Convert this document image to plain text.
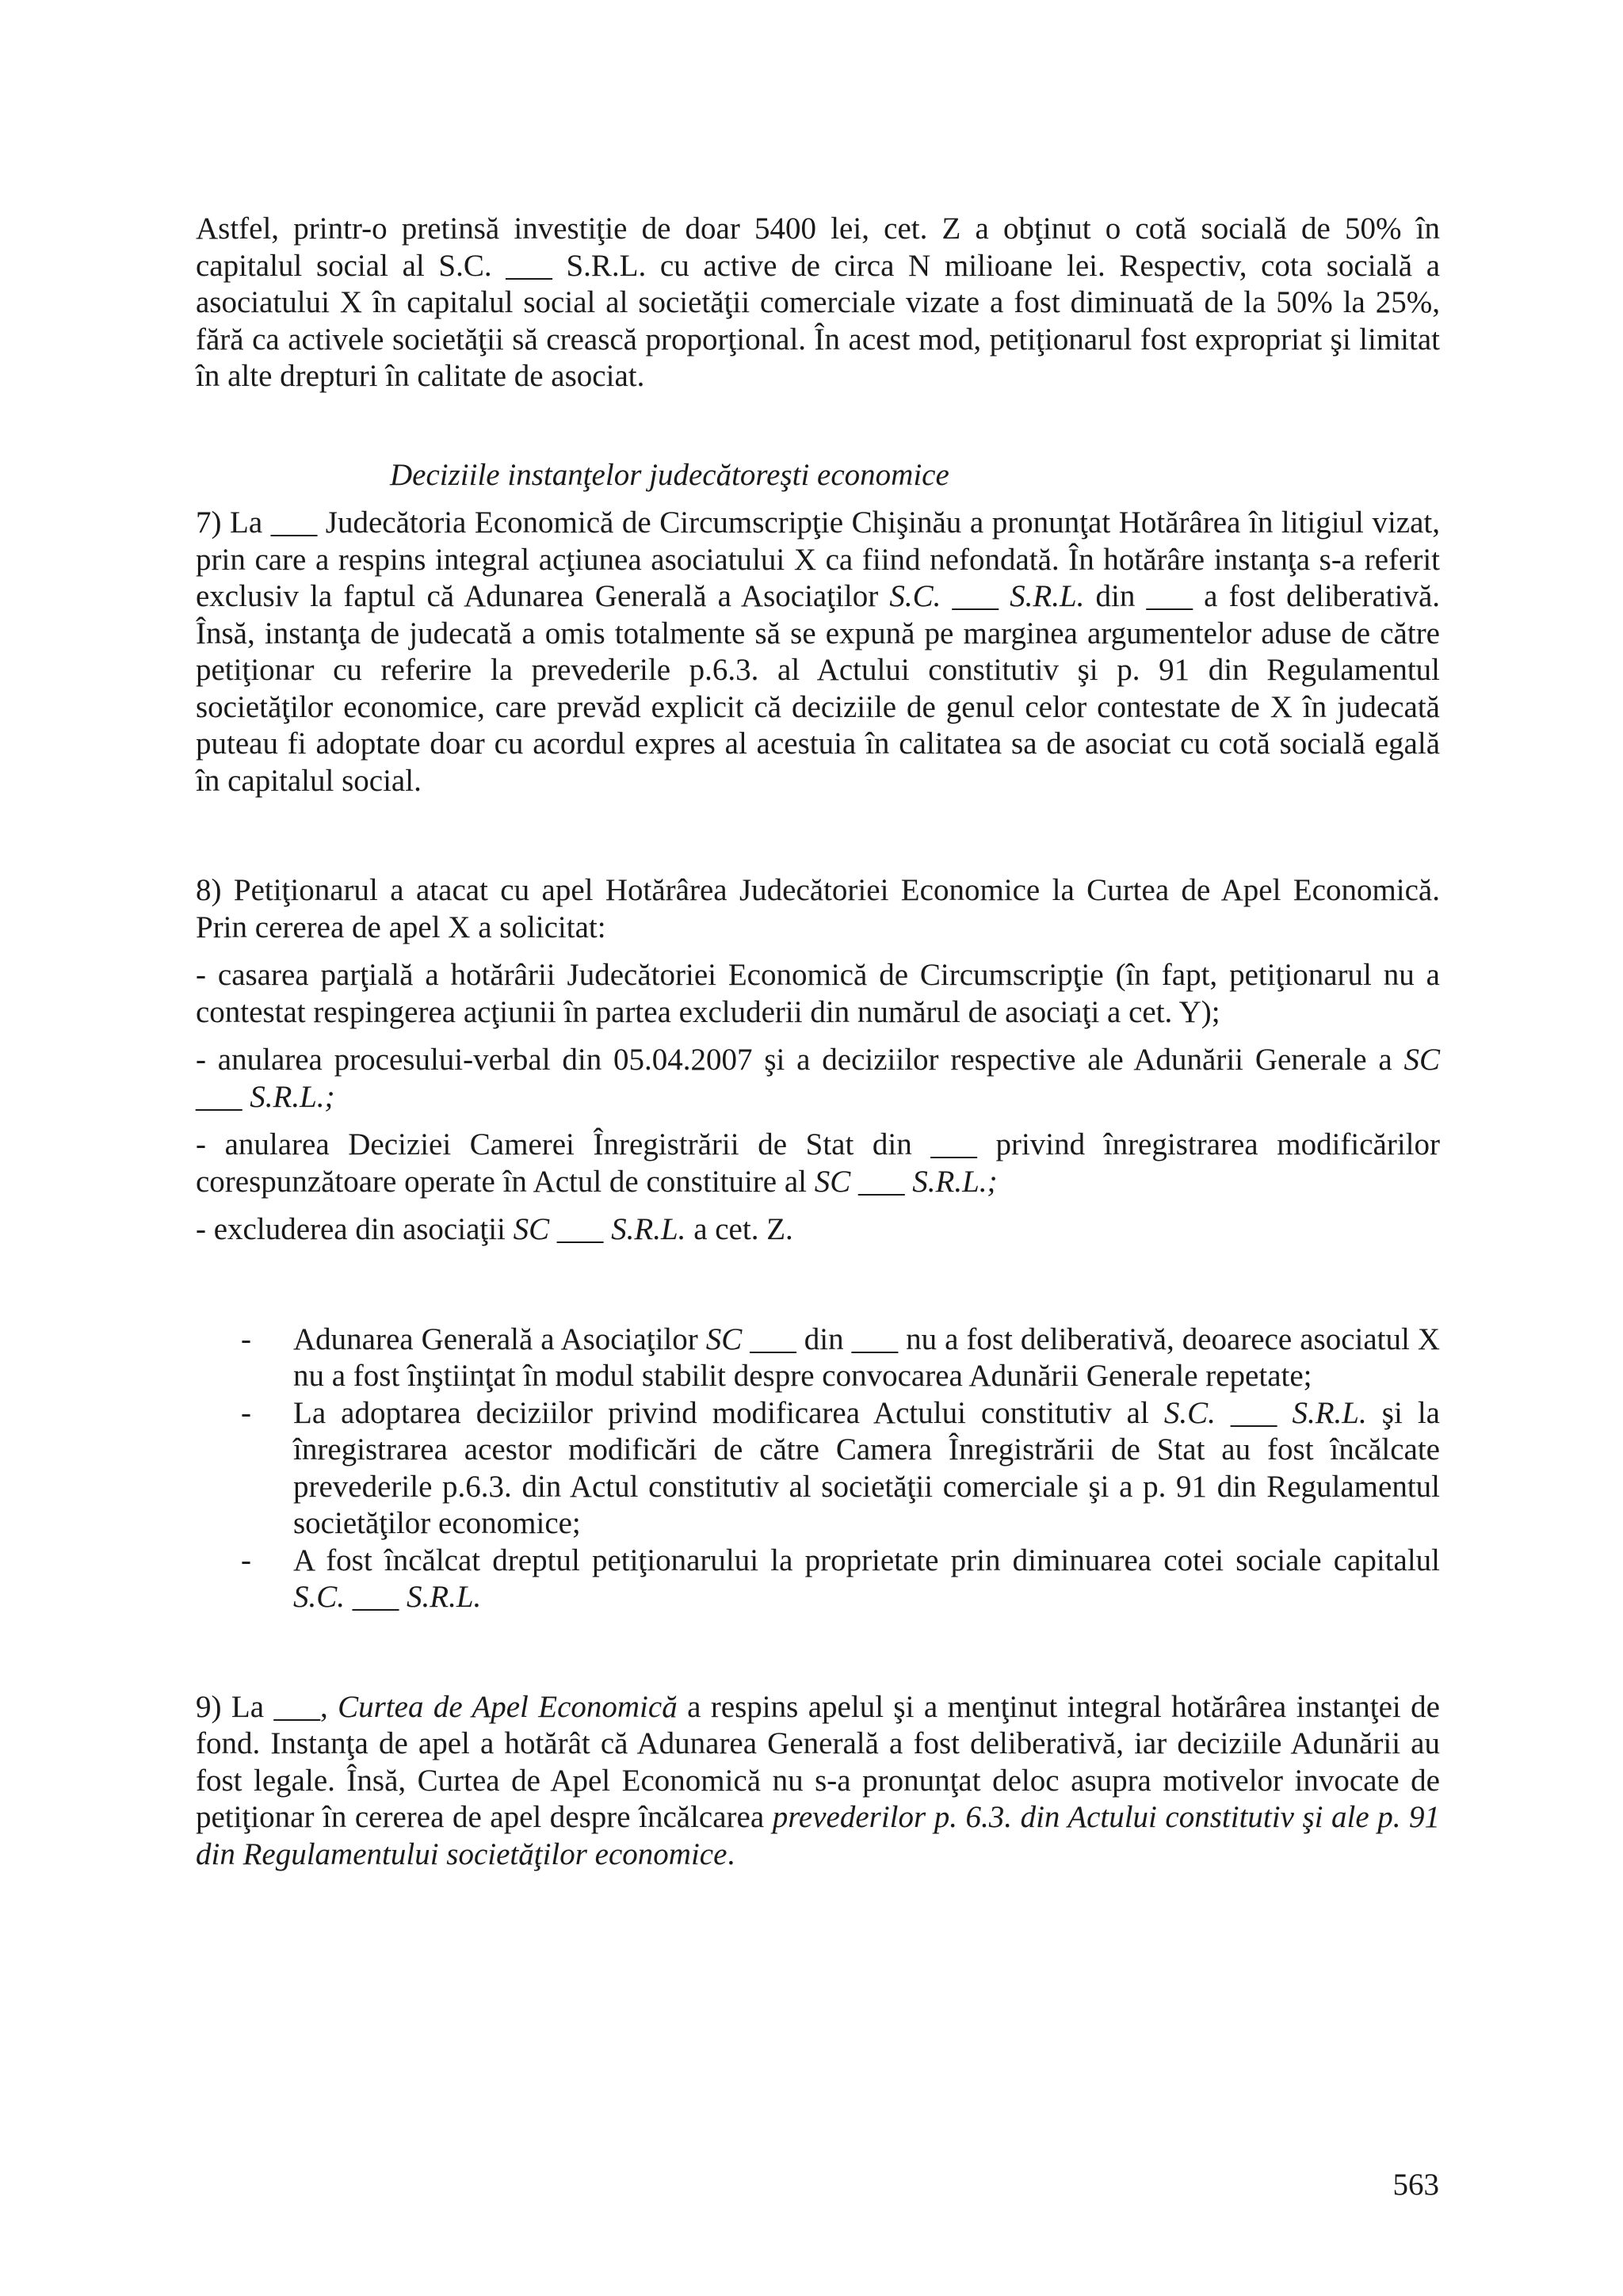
Astfel, printr-o pretinsă investiţie de doar 5400 lei, cet. Z a obţinut o cotă socială de 50% în capitalul social al S.C. ___ S.R.L. cu active de circa N milioane lei. Respectiv, cota socială a asociatului X în capitalul social al societăţii comerciale vizate a fost diminuată de la 50% la 25%, fără ca activele societăţii să crească proporţional. În acest mod, petiţionarul fost expropriat şi limitat în alte drepturi în calitate de asociat.

Deciziile instanţelor judecătoreşti economice

7) La ___ Judecătoria Economică de Circumscripţie Chişinău a pronunţat Hotărârea în litigiul vizat, prin care a respins integral acţiunea asociatului X ca fiind nefondată. În hotărâre instanţa s-a referit exclusiv la faptul că Adunarea Generală a Asociaţilor S.C. ___ S.R.L. din ___ a fost deliberativă. Însă, instanţa de judecată a omis totalmente să se expună pe marginea argumentelor aduse de către petiţionar cu referire la prevederile p.6.3. al Actului constitutiv şi p. 91 din Regulamentul societăţilor economice, care prevăd explicit că deciziile de genul celor contestate de X în judecată puteau fi adoptate doar cu acordul expres al acestuia în calitatea sa de asociat cu cotă socială egală în capitalul social.

8) Petiţionarul a atacat cu apel Hotărârea Judecătoriei Economice la Curtea de Apel Economică. Prin cererea de apel X a solicitat:

- casarea parţială a hotărârii Judecătoriei Economică de Circumscripţie (în fapt, petiţionarul nu a contestat respingerea acţiunii în partea excluderii din numărul de asociaţi a cet. Y);

- anularea procesului-verbal din 05.04.2007 şi a deciziilor respective ale Adunării Generale a SC ___ S.R.L.;

- anularea Deciziei Camerei Înregistrării de Stat din ___ privind înregistrarea modificărilor corespunzătoare operate în Actul de constituire al SC ___ S.R.L.;

- excluderea din asociaţii SC ___ S.R.L. a cet. Z.

- Adunarea Generală a Asociaţilor SC ___ din ___ nu a fost deliberativă, deoarece asociatul X nu a fost înştiinţat în modul stabilit despre convocarea Adunării Generale repetate;
- La adoptarea deciziilor privind modificarea Actului constitutiv al S.C. ___ S.R.L. şi la înregistrarea acestor modificări de către Camera Înregistrării de Stat au fost încălcate prevederile p.6.3. din Actul constitutiv al societăţii comerciale şi a p. 91 din Regulamentul societăţilor economice;
- A fost încălcat dreptul petiţionarului la proprietate prin diminuarea cotei sociale capitalul S.C. ___ S.R.L.

9) La ___, Curtea de Apel Economică a respins apelul şi a menţinut integral hotărârea instanţei de fond. Instanţa de apel a hotărât că Adunarea Generală a fost deliberativă, iar deciziile Adunării au fost legale. Însă, Curtea de Apel Economică nu s-a pronunţat deloc asupra motivelor invocate de petiţionar în cererea de apel despre încălcarea prevederilor p. 6.3. din Actului constitutiv şi ale p. 91 din Regulamentului societăţilor economice.

563
